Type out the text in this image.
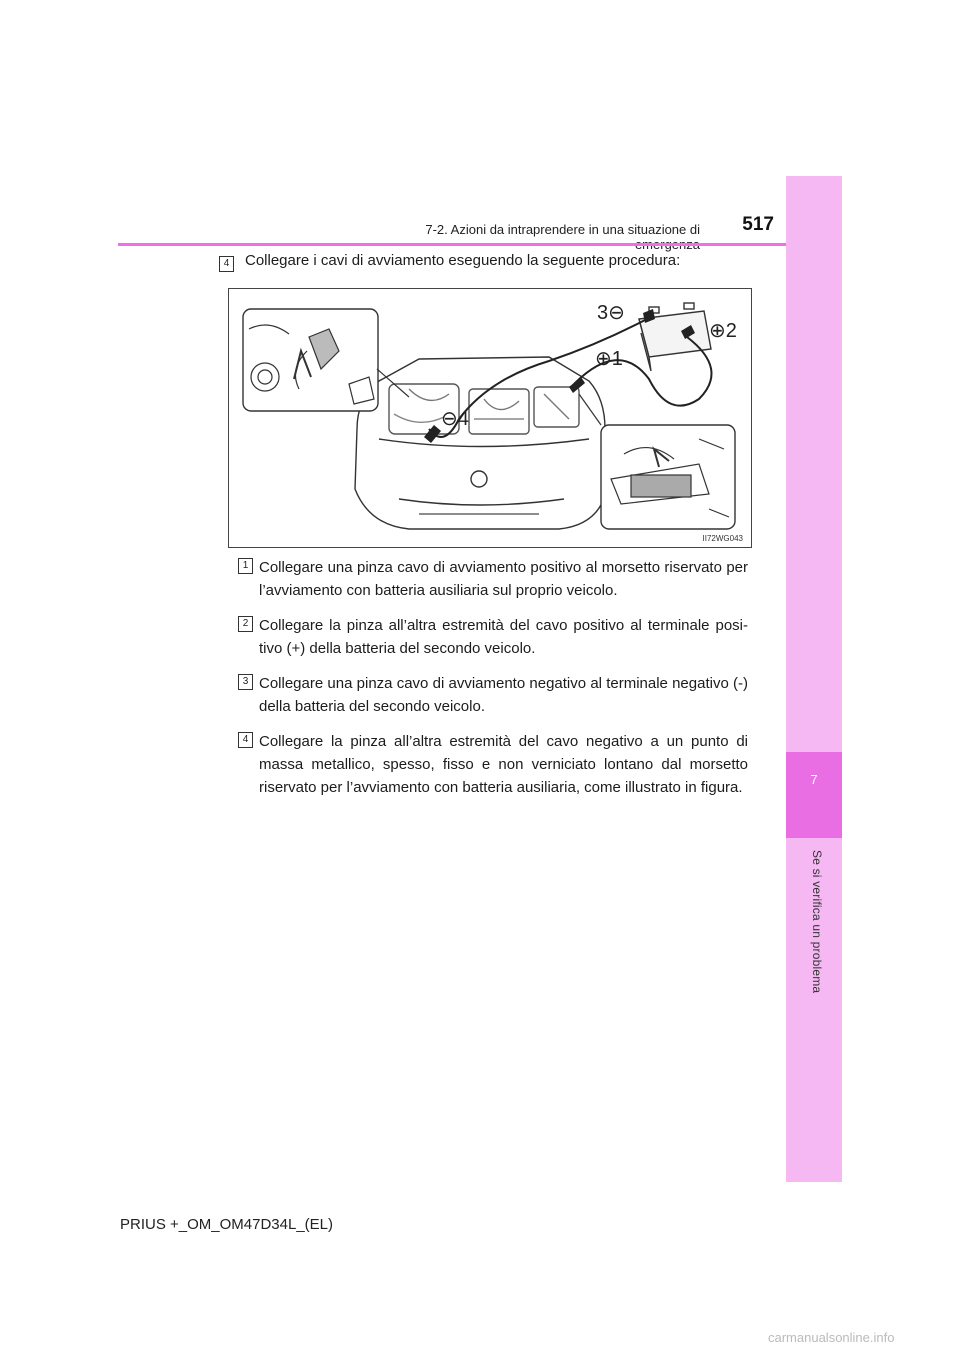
7
Se si verifica un problema
7-2. Azioni da intraprendere in una situazione di	517
4	Collegare i cavi di avviamento eseguendo la seguente procedura:
⊕1
⊕2
3⊖
⊖4
II72WG043
1 Collegare una pinza cavo di avviamento positivo al morsetto riservato per l’avviamento con batteria ausiliaria sul proprio veicolo.

2 Collegare la pinza all’altra estremità del cavo positivo al terminale posi-tivo (+) della batteria del secondo veicolo.

3 Collegare una pinza cavo di avviamento negativo al terminale negativo (-) della batteria del secondo veicolo.

4 Collegare la pinza all’altra estremità del cavo negativo a un punto di massa metallico, spesso, fisso e non verniciato lontano dal morsetto riservato per l’avviamento con batteria ausiliaria, come illustrato in figura.

PRIUS +_OM_OM47D34L_(EL)
carmanualsonline.info
